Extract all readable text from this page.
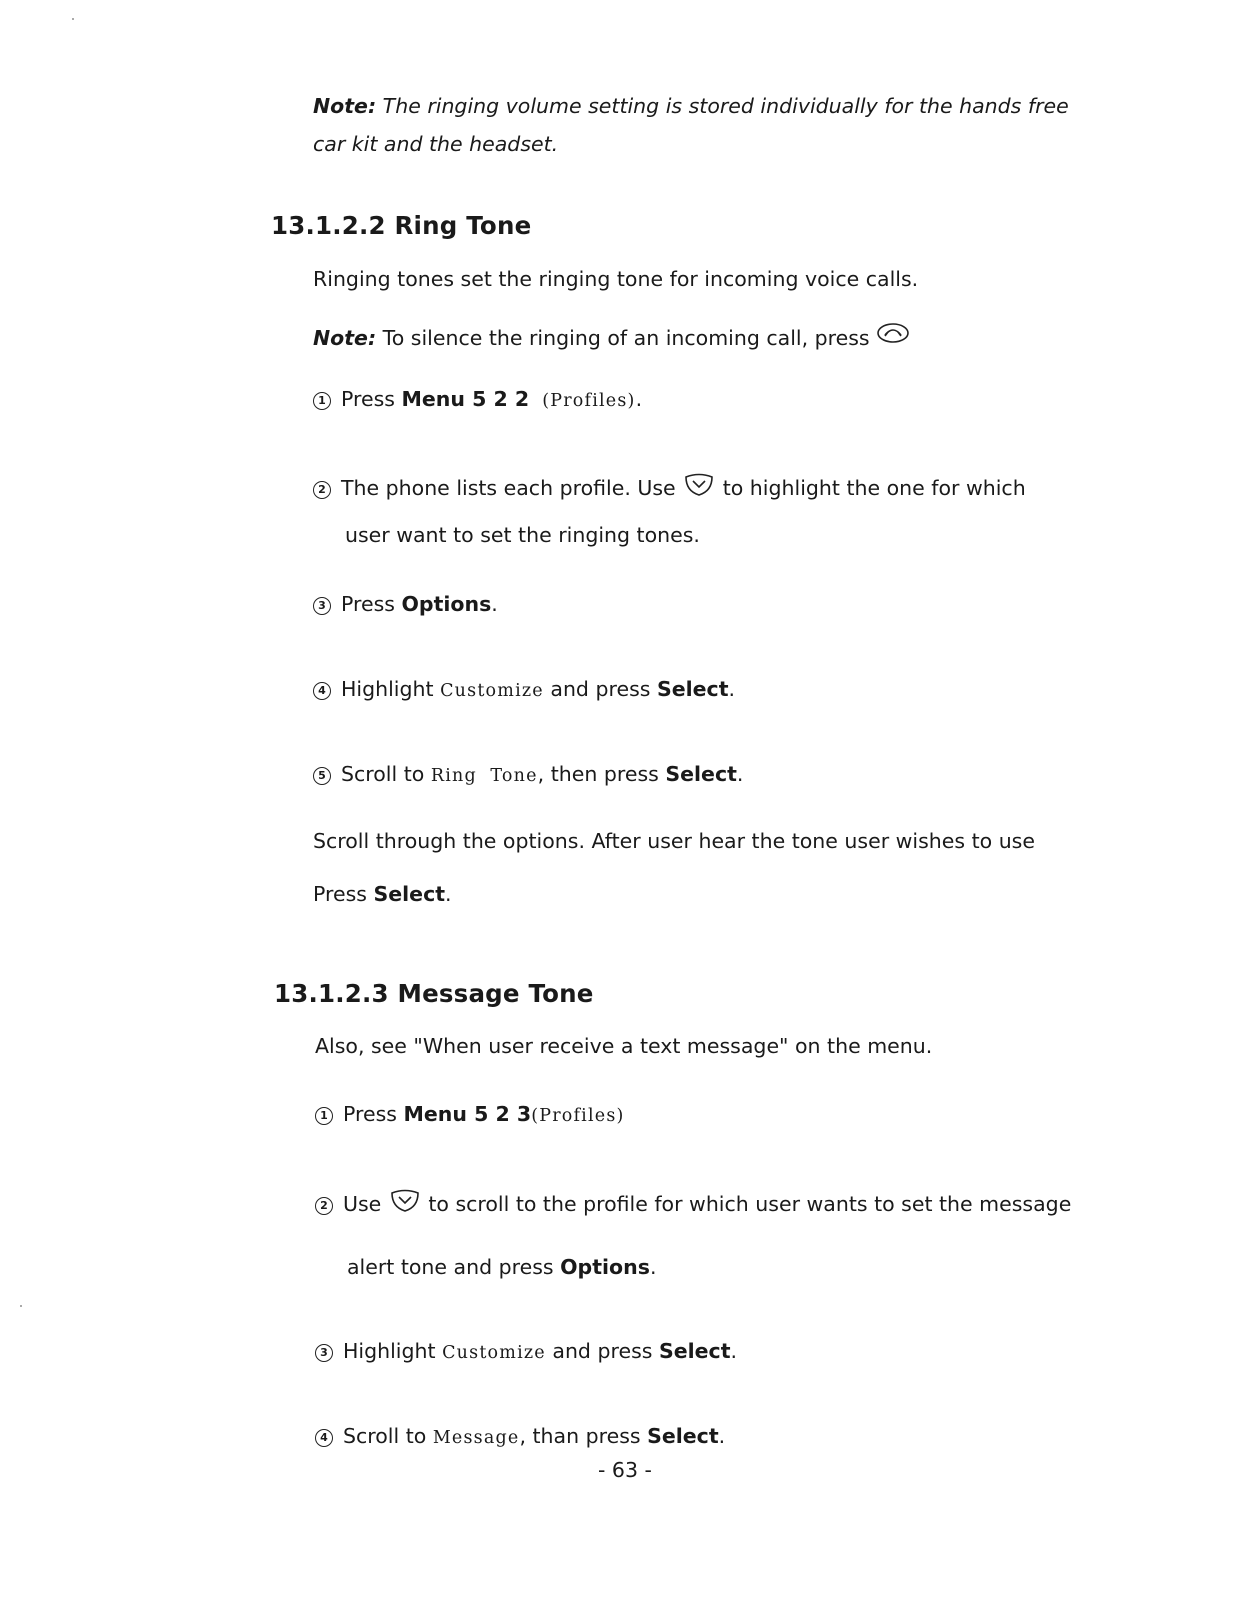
Note: The ringing volume setting is stored individually for the hands free car kit and the headset.
13.1.2.2 Ring Tone
Ringing tones set the ringing tone for incoming voice calls.
Note: To silence the ringing of an incoming call, press
1 Press Menu 5 2 2 (Profiles).
2 The phone lists each profile. Use  to highlight the one for which
user want to set the ringing tones.
3 Press Options.
4 Highlight Customize and press Select.
5 Scroll to Ring  Tone, then press Select.
Scroll through the options. After user hear the tone user wishes to use
Press Select.
13.1.2.3 Message Tone
Also, see "When user receive a text message" on the menu.
1 Press Menu 5 2 3(Profiles)
2 Use  to scroll to the profile for which user wants to set the message
alert tone and press Options.
3 Highlight Customize and press Select.
4 Scroll to Message, than press Select.
- 63 -
